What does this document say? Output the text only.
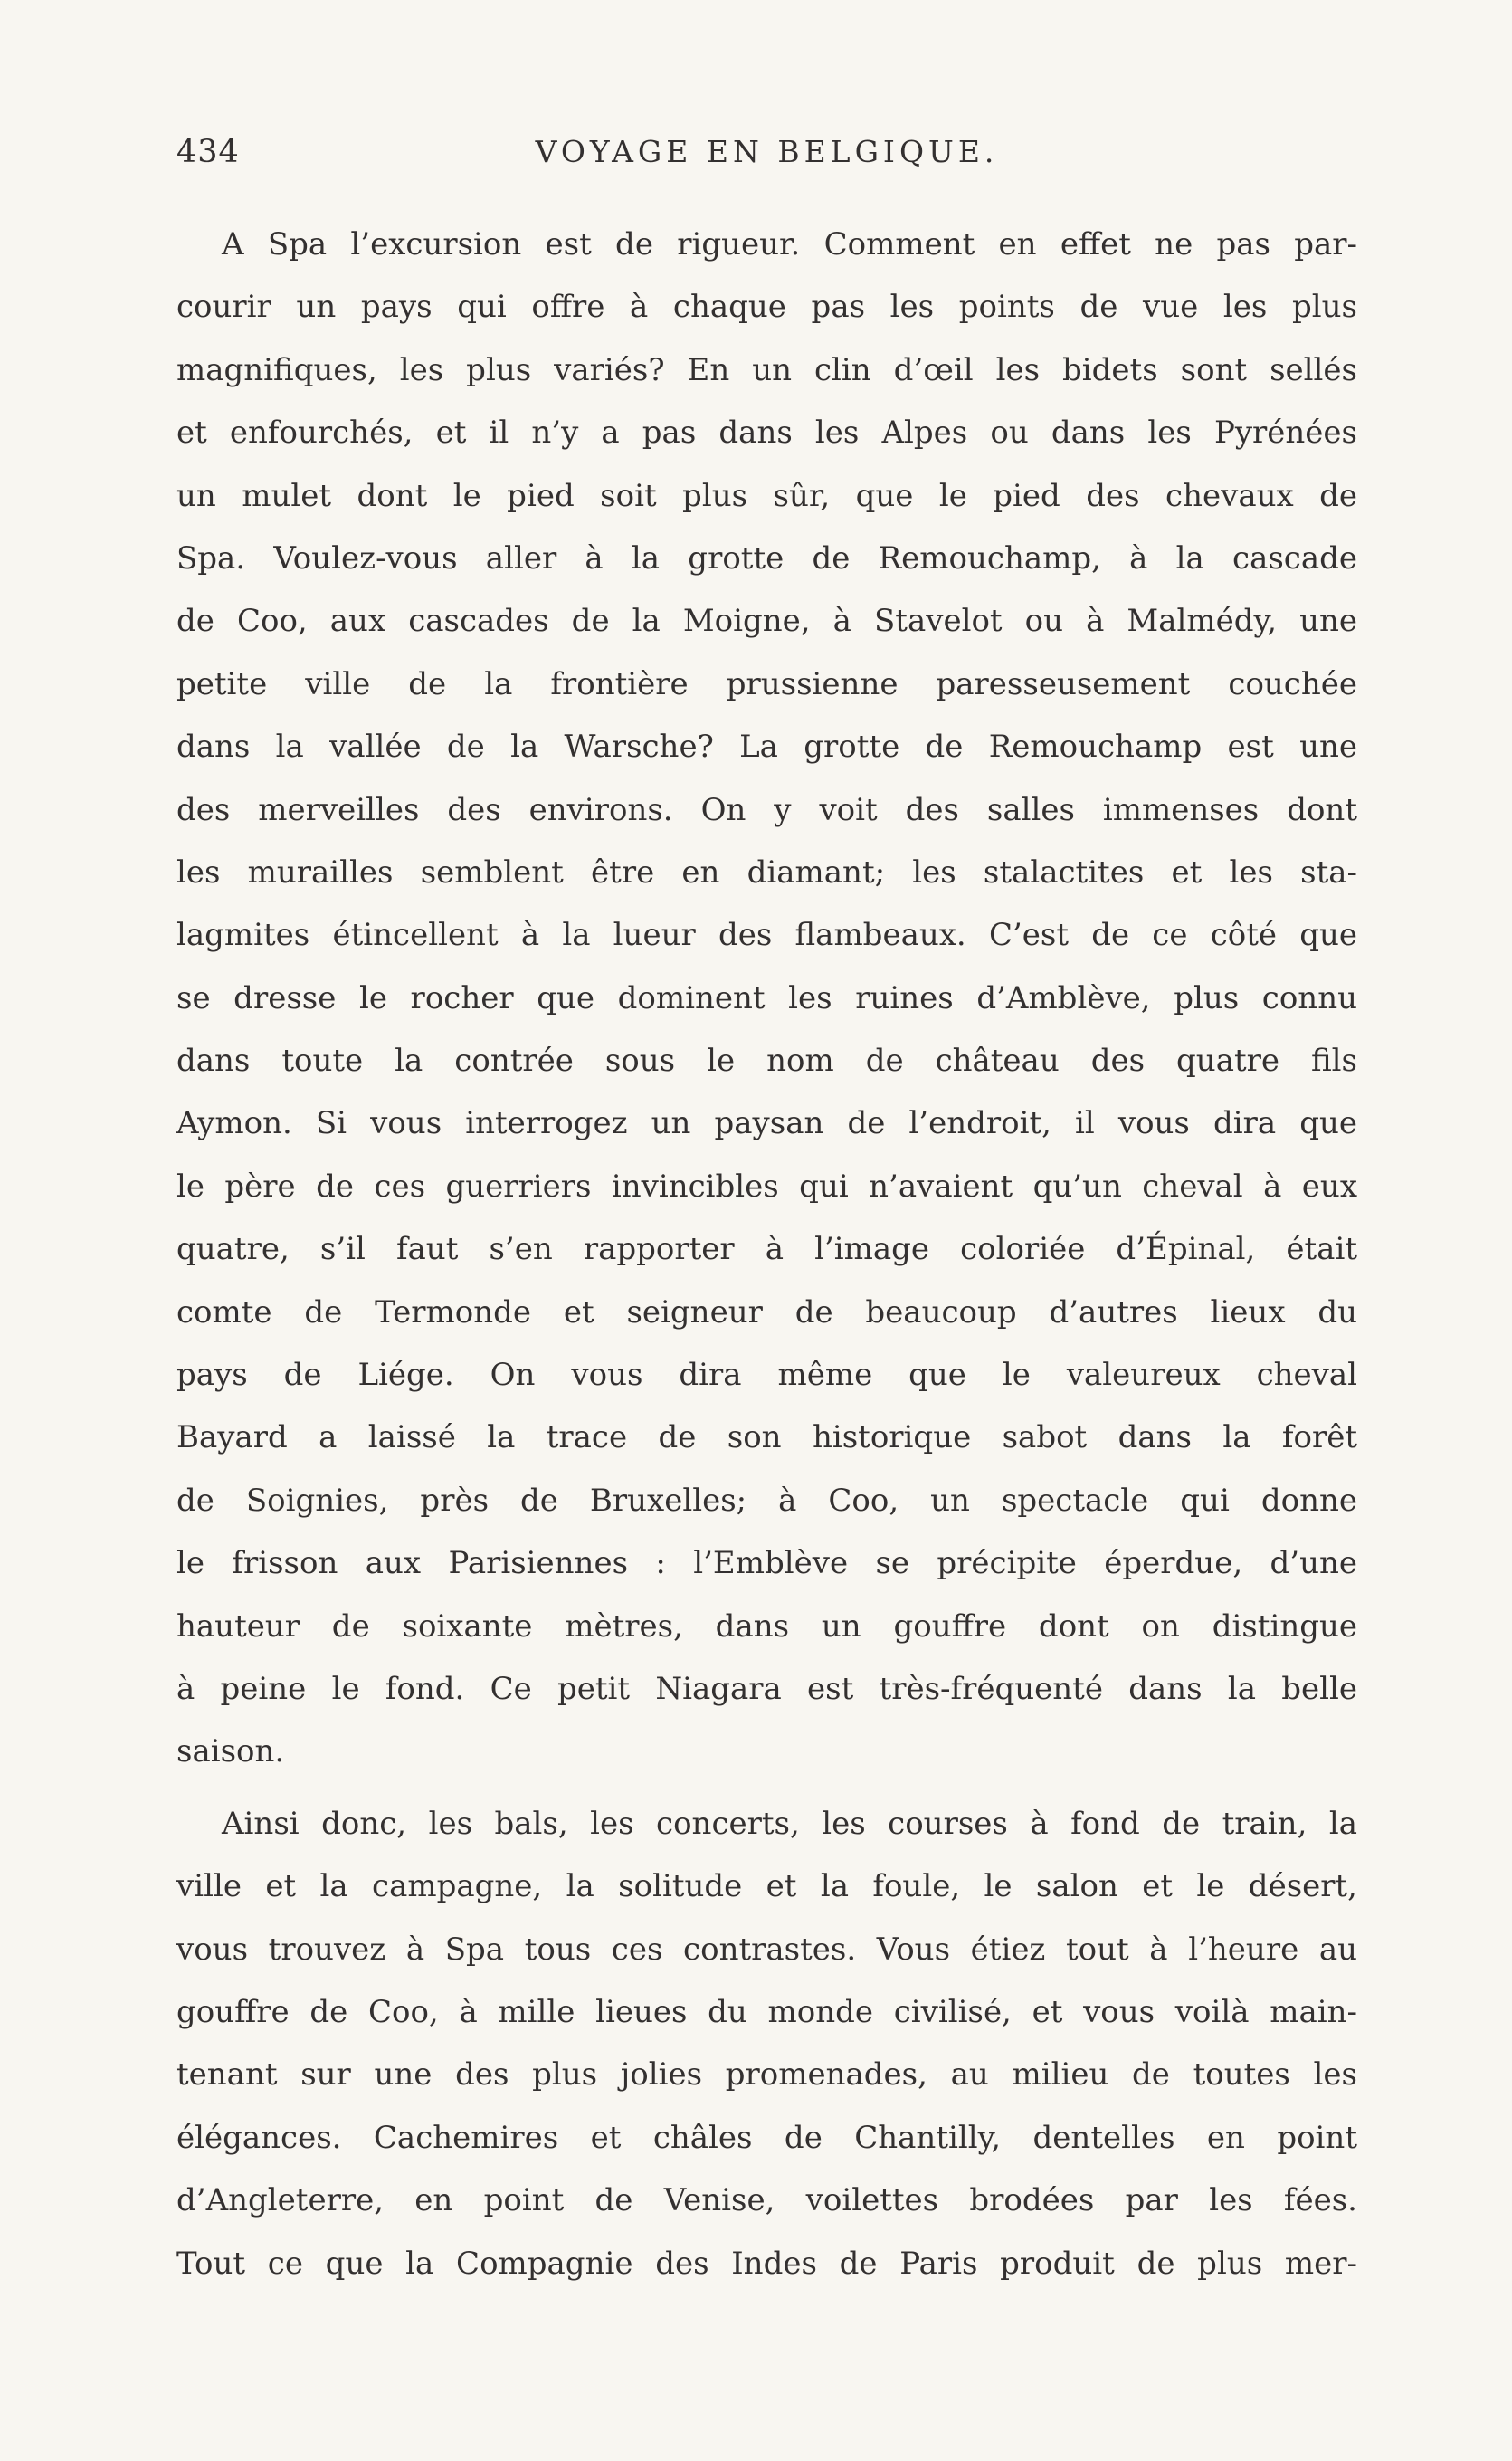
434	VOYAGE EN BELGIQUE.
A Spa l’excursion est de rigueur. Comment en effet ne pas par-
courir un pays qui offre à chaque pas les points de vue les plus
magnifiques, les plus variés? En un clin d’œil les bidets sont sellés
et enfourchés, et il n’y a pas dans les Alpes ou dans les Pyrénées
un mulet dont le pied soit plus sûr, que le pied des chevaux de
Spa. Voulez-vous aller à la grotte de Remouchamp, à la cascade
de Coo, aux cascades de la Moigne, à Stavelot ou à Malmédy, une
petite ville de la frontière prussienne paresseusement couchée
dans la vallée de la Warsche? La grotte de Remouchamp est une
des merveilles des environs. On y voit des salles immenses dont
les murailles semblent être en diamant; les stalactites et les sta-
lagmites étincellent à la lueur des flambeaux. C’est de ce côté que
se dresse le rocher que dominent les ruines d’Amblève, plus connu
dans toute la contrée sous le nom de château des quatre fils
Aymon. Si vous interrogez un paysan de l’endroit, il vous dira que
le père de ces guerriers invincibles qui n’avaient qu’un cheval à eux
quatre, s’il faut s’en rapporter à l’image coloriée d’Épinal, était
comte de Termonde et seigneur de beaucoup d’autres lieux du
pays de Liége. On vous dira même que le valeureux cheval
Bayard a laissé la trace de son historique sabot dans la forêt
de Soignies, près de Bruxelles; à Coo, un spectacle qui donne
le frisson aux Parisiennes : l’Emblève se précipite éperdue, d’une
hauteur de soixante mètres, dans un gouffre dont on distingue
à peine le fond. Ce petit Niagara est très-fréquenté dans la belle
saison.
Ainsi donc, les bals, les concerts, les courses à fond de train, la
ville et la campagne, la solitude et la foule, le salon et le désert,
vous trouvez à Spa tous ces contrastes. Vous étiez tout à l’heure au
gouffre de Coo, à mille lieues du monde civilisé, et vous voilà main-
tenant sur une des plus jolies promenades, au milieu de toutes les
élégances. Cachemires et châles de Chantilly, dentelles en point
d’Angleterre, en point de Venise, voilettes brodées par les fées.
Tout ce que la Compagnie des Indes de Paris produit de plus mer-
